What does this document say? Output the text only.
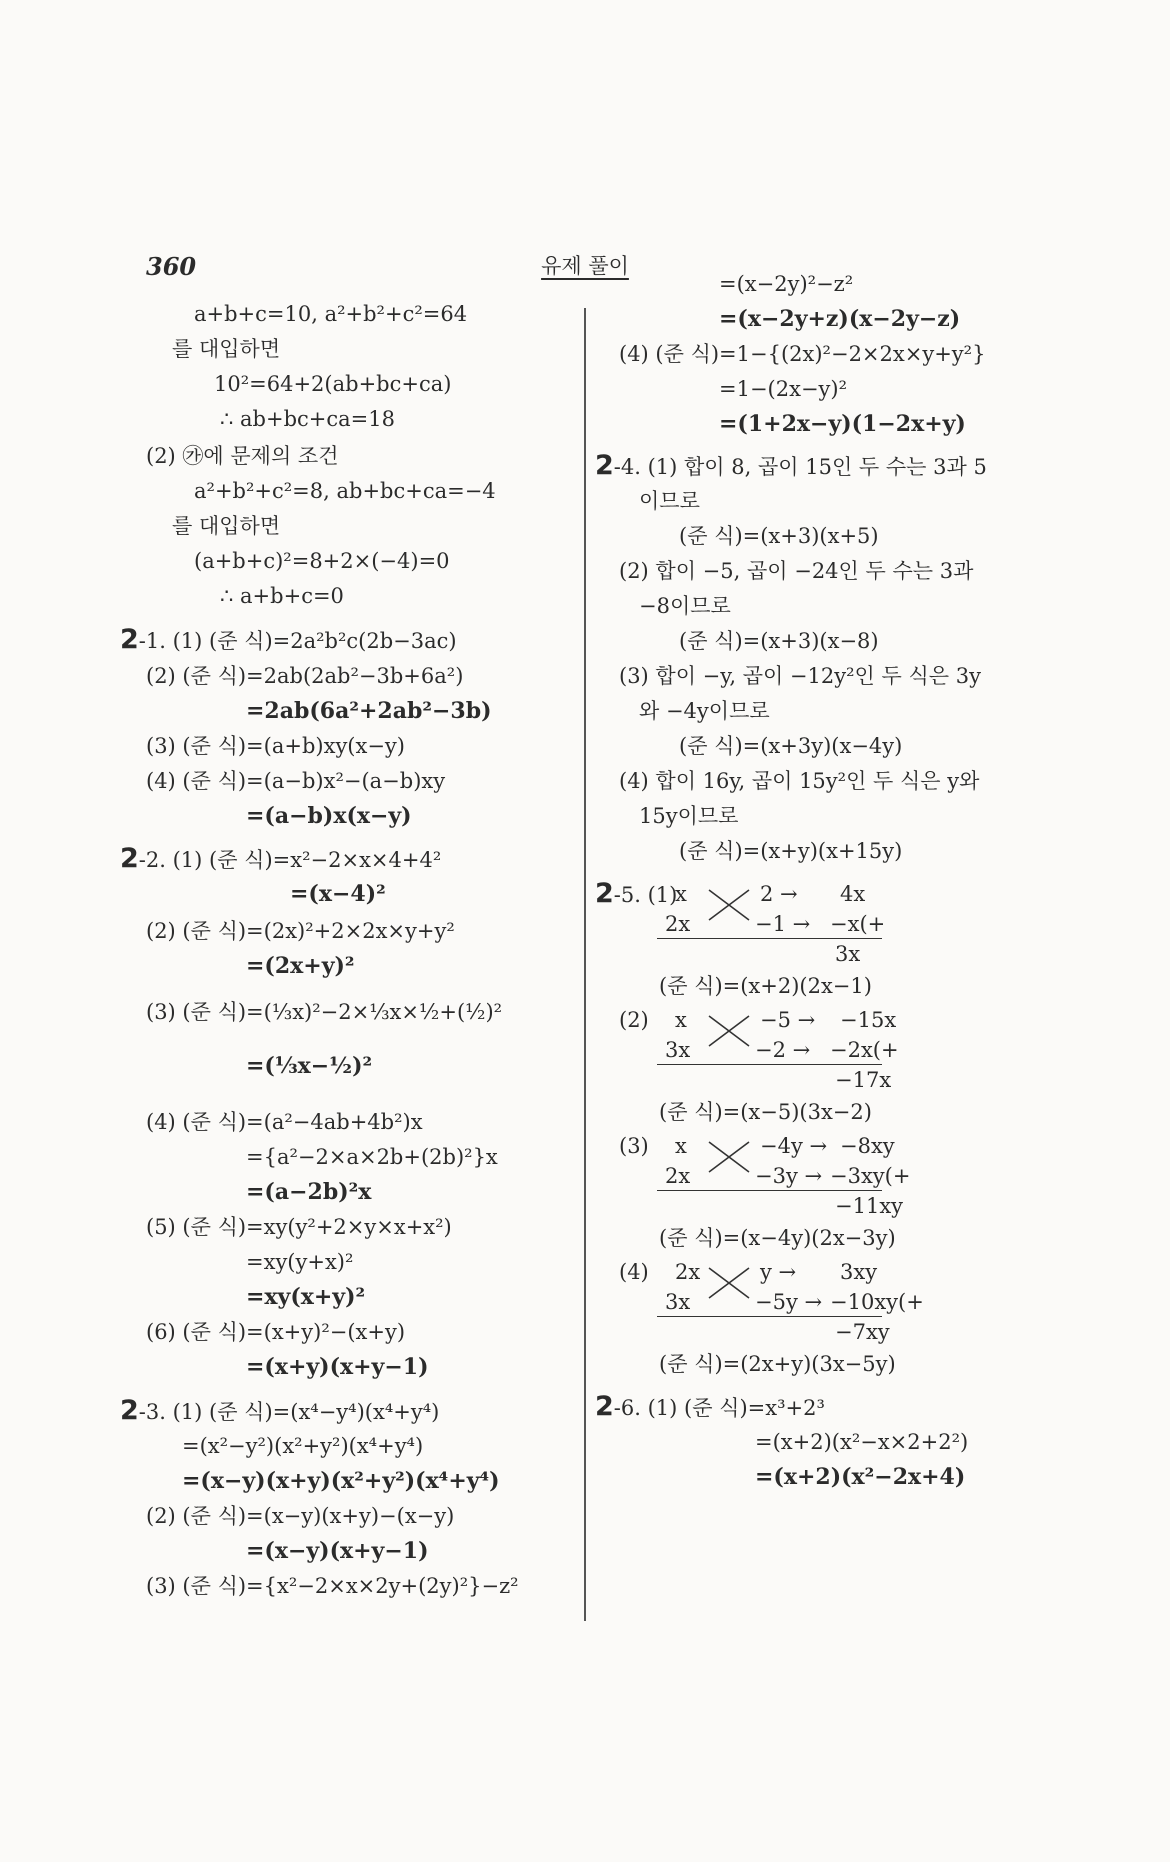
360	유제 풀이
a+b+c=10, a²+b²+c²=64
를 대입하면
10²=64+2(ab+bc+ca)
∴ ab+bc+ca=18
(2) ㉮에 문제의 조건
a²+b²+c²=8, ab+bc+ca=−4
를 대입하면
(a+b+c)²=8+2×(−4)=0
∴ a+b+c=0
2-1. (1) (준 식)=2a²b²c(2b−3ac)
(2) (준 식)=2ab(2ab²−3b+6a²)
=2ab(6a²+2ab²−3b)
(3) (준 식)=(a+b)xy(x−y)
(4) (준 식)=(a−b)x²−(a−b)xy
=(a−b)x(x−y)
2-2. (1) (준 식)=x²−2×x×4+4²
=(x−4)²
(2) (준 식)=(2x)²+2×2x×y+y²
=(2x+y)²
(3) (준 식)=(⅓x)²−2×⅓x×½+(½)²
=(⅓x−½)²
(4) (준 식)=(a²−4ab+4b²)x
={a²−2×a×2b+(2b)²}x
=(a−2b)²x
(5) (준 식)=xy(y²+2×y×x+x²)
=xy(y+x)²
=xy(x+y)²
(6) (준 식)=(x+y)²−(x+y)
=(x+y)(x+y−1)
2-3. (1) (준 식)=(x⁴−y⁴)(x⁴+y⁴)
=(x²−y²)(x²+y²)(x⁴+y⁴)
=(x−y)(x+y)(x²+y²)(x⁴+y⁴)
(2) (준 식)=(x−y)(x+y)−(x−y)
=(x−y)(x+y−1)
(3) (준 식)={x²−2×x×2y+(2y)²}−z²
=(x−2y)²−z²
=(x−2y+z)(x−2y−z)
(4) (준 식)=1−{(2x)²−2×2x×y+y²}
=1−(2x−y)²
=(1+2x−y)(1−2x+y)
2-4. (1) 합이 8, 곱이 15인 두 수는 3과 5
이므로
(준 식)=(x+3)(x+5)
(2) 합이 −5, 곱이 −24인 두 수는 3과
−8이므로
(준 식)=(x+3)(x−8)
(3) 합이 −y, 곱이 −12y²인 두 식은 3y
와 −4y이므로
(준 식)=(x+3y)(x−4y)
(4) 합이 16y, 곱이 15y²인 두 식은 y와
15y이므로
(준 식)=(x+y)(x+15y)
2-5. (1)
(준 식)=(x+2)(2x−1)
(2)
(준 식)=(x−5)(3x−2)
(3)
(준 식)=(x−4y)(2x−3y)
(4)
(준 식)=(2x+y)(3x−5y)
2-6. (1) (준 식)=x³+2³
=(x+2)(x²−x×2+2²)
=(x+2)(x²−2x+4)
x
2x
2 →
−1 →
4x
−x(+
3x
x
3x
−5 →
−2 →
−15x
−2x(+
−17x
x
2x
−4y →
−3y →
−8xy
−3xy(+
−11xy
2x
3x
y →
−5y →
3xy
−10xy(+
−7xy
